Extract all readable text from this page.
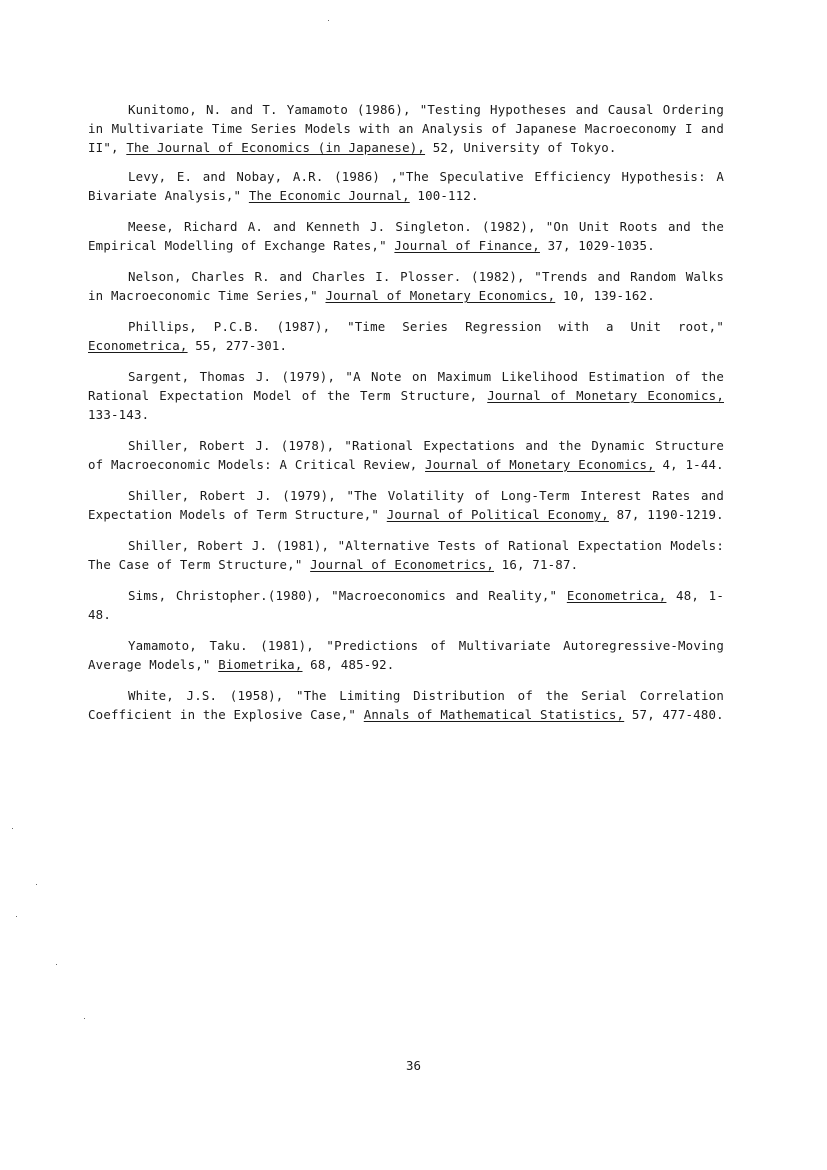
Kunitomo, N. and T. Yamamoto (1986), "Testing Hypotheses and Causal Ordering in Multivariate Time Series Models with an Analysis of Japanese Macroeconomy I and II", The Journal of Economics (in Japanese), 52, University of Tokyo.

Levy, E. and Nobay, A.R. (1986) ,"The Speculative Efficiency Hypothesis: A Bivariate Analysis," The Economic Journal, 100-112.

Meese, Richard A. and Kenneth J. Singleton. (1982), "On Unit Roots and the Empirical Modelling of Exchange Rates," Journal of Finance, 37, 1029-1035.

Nelson, Charles R. and Charles I. Plosser. (1982), "Trends and Random Walks in Macroeconomic Time Series," Journal of Monetary Economics, 10, 139-162.

Phillips, P.C.B. (1987), "Time Series Regression with a Unit root," Econometrica, 55, 277-301.

Sargent, Thomas J. (1979), "A Note on Maximum Likelihood Estimation of the Rational Expectation Model of the Term Structure, Journal of Monetary Economics, 133-143.

Shiller, Robert J. (1978), "Rational Expectations and the Dynamic Structure of Macroeconomic Models: A Critical Review, Journal of Monetary Economics, 4, 1-44.

Shiller, Robert J. (1979), "The Volatility of Long-Term Interest Rates and Expectation Models of Term Structure," Journal of Political Economy, 87, 1190-1219.

Shiller, Robert J. (1981), "Alternative Tests of Rational Expectation Models: The Case of Term Structure," Journal of Econometrics, 16, 71-87.

Sims, Christopher.(1980), "Macroeconomics and Reality," Econometrica, 48, 1-48.

Yamamoto, Taku. (1981), "Predictions of Multivariate Autoregressive-Moving Average Models," Biometrika, 68, 485-92.

White, J.S. (1958), "The Limiting Distribution of the Serial Correlation Coefficient in the Explosive Case," Annals of Mathematical Statistics, 57, 477-480.

36
